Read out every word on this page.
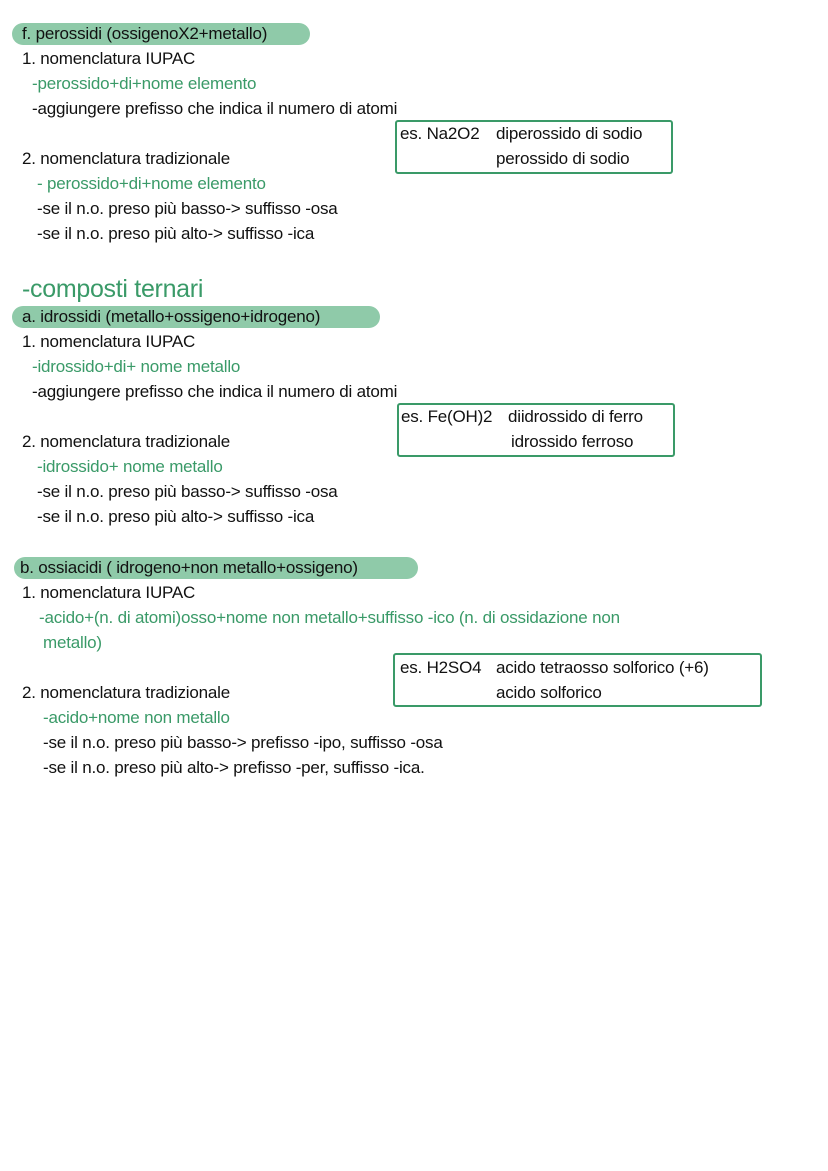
f. perossidi (ossigenoX2+metallo)
1. nomenclatura IUPAC
-perossido+di+nome elemento
-aggiungere prefisso che indica il numero di atomi
es. Na2O2 diperossido di sodio
perossido di sodio
2. nomenclatura tradizionale
- perossido+di+nome elemento
-se il n.o. preso più basso-> suffisso -osa
-se il n.o. preso più alto-> suffisso -ica
-composti ternari
a. idrossidi (metallo+ossigeno+idrogeno)
1. nomenclatura IUPAC
-idrossido+di+ nome metallo
-aggiungere prefisso che indica il numero di atomi
es. Fe(OH)2 diidrossido di ferro
idrossido ferroso
2. nomenclatura tradizionale
-idrossido+ nome metallo
-se il n.o. preso più basso-> suffisso -osa
-se il n.o. preso più alto-> suffisso -ica
b. ossiacidi ( idrogeno+non metallo+ossigeno)
1. nomenclatura IUPAC
-acido+(n. di atomi)osso+nome non metallo+suffisso -ico (n. di ossidazione non
metallo)
es. H2SO4 acido tetraosso solforico (+6)
acido solforico
2. nomenclatura tradizionale
-acido+nome non metallo
-se il n.o. preso più basso-> prefisso -ipo, suffisso -osa
-se il n.o. preso più alto-> prefisso -per, suffisso -ica.
